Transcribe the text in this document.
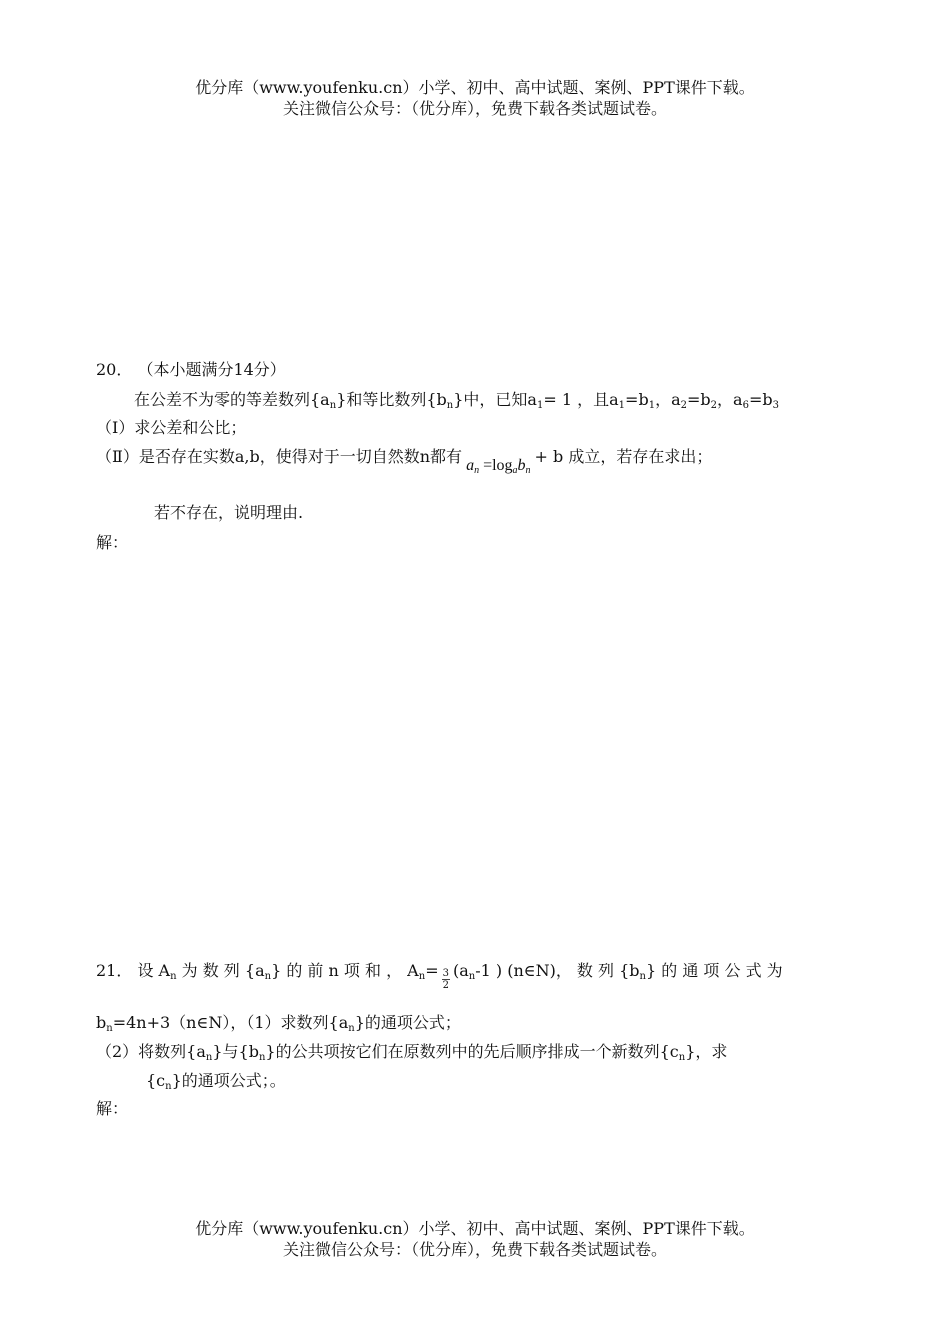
优分库（www.youfenku.cn）小学、初中、高中试题、案例、PPT课件下载。
关注微信公众号：（优分库），免费下载各类试题试卷。
20． （本小题满分14分）
在公差不为零的等差数列$\{a_n\}$和等比数列$\{b_n\}$中，已知$a_1= 1$ ，且$a_1=b_1$，$a_2=b_2$，$a_6=b_3$
（Ⅰ）求公差和公比；
（Ⅱ）是否存在实数a,b，使得对于一切自然数n都有 $a_n =\log_ab_n+ b$ 成立，若存在求出；
若不存在，说明理由.
解：
21． 设 $A_n$ 为 数 列 $\{a_n\}$ 的 前 n 项 和 ， $A_n= \frac{3}{2} (a_n-1$ ) (n∈N)， 数 列 $\{b_n\}$ 的 通 项 公 式 为
$b_n=4n+3(n\in N)$，（1）求数列$\{a_n\}$的通项公式；
（2）将数列$\{a_n\}$与$\{b_n\}$的公共项按它们在原数列中的先后顺序排成一个新数列$\{c_n\}$，求
$\{c_n\}$的通项公式；。
解：
优分库（www.youfenku.cn）小学、初中、高中试题、案例、PPT课件下载。
关注微信公众号：（优分库），免费下载各类试题试卷。
